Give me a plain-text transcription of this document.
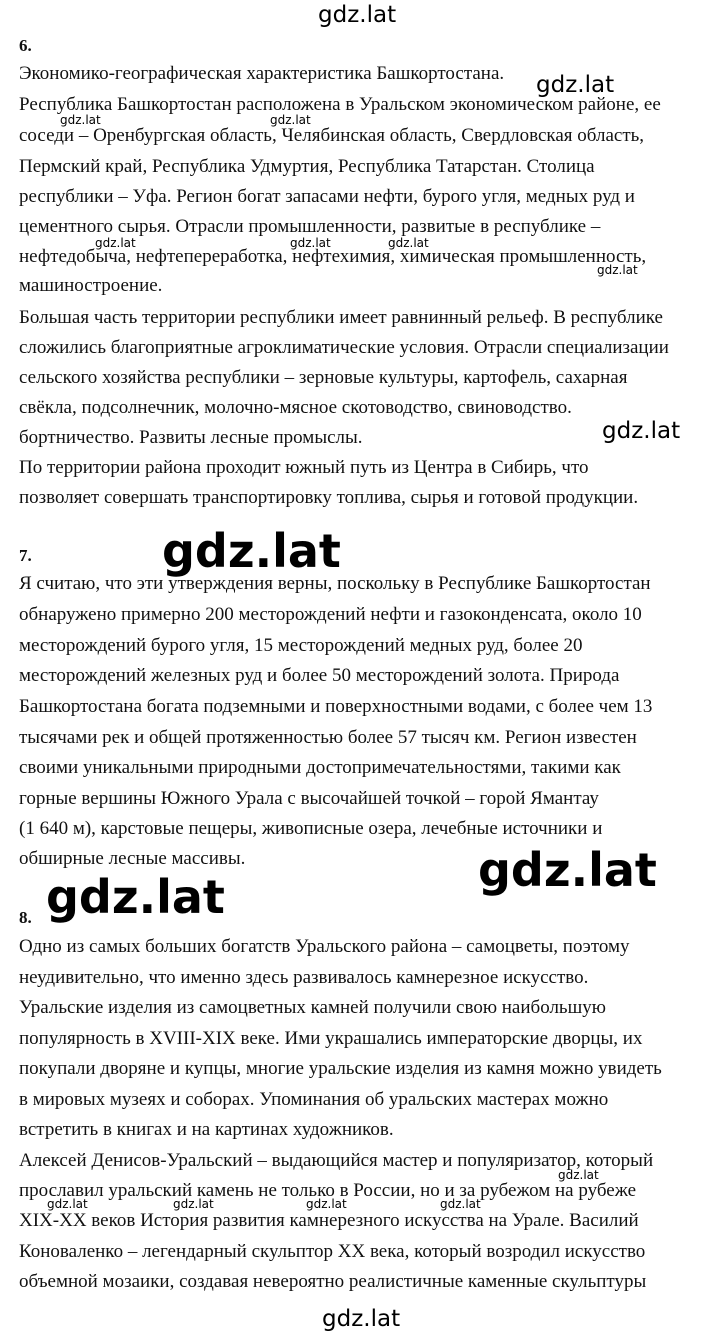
6.
Экономико-географическая характеристика Башкортостана.
Республика Башкортостан расположена в Уральском экономическом районе, ее
соседи – Оренбургская область, Челябинская область, Свердловская область,
Пермский край, Республика Удмуртия, Республика Татарстан. Столица
республики – Уфа. Регион богат запасами нефти, бурого угля, медных руд и
цементного сырья. Отрасли промышленности, развитые в республике –
нефтедобыча, нефтепереработка, нефтехимия, химическая промышленность,
машиностроение.
Большая часть территории республики имеет равнинный рельеф. В республике
сложились благоприятные агроклиматические условия. Отрасли специализации
сельского хозяйства республики – зерновые культуры, картофель, сахарная
свёкла, подсолнечник, молочно-мясное скотоводство, свиноводство.
бортничество. Развиты лесные промыслы.
По территории района проходит южный путь из Центра в Сибирь, что
позволяет совершать транспортировку топлива, сырья и готовой продукции.
7.
Я считаю, что эти утверждения верны, поскольку в Республике Башкортостан
обнаружено примерно 200 месторождений нефти и газоконденсата, около 10
месторождений бурого угля, 15 месторождений медных руд, более 20
месторождений железных руд и более 50 месторождений золота. Природа
Башкортостана богата подземными и поверхностными водами, с более чем 13
тысячами рек и общей протяженностью более 57 тысяч км. Регион известен
своими уникальными природными достопримечательностями, такими как
горные вершины Южного Урала с высочайшей точкой – горой Ямантау
(1 640 м), карстовые пещеры, живописные озера, лечебные источники и
обширные лесные массивы.
8.
Одно из самых больших богатств Уральского района – самоцветы, поэтому
неудивительно, что именно здесь развивалось камнерезное искусство.
Уральские изделия из самоцветных камней получили свою наибольшую
популярность в XVIII-XIX веке. Ими украшались императорские дворцы, их
покупали дворяне и купцы, многие уральские изделия из камня можно увидеть
в мировых музеях и соборах. Упоминания об уральских мастерах можно
встретить в книгах и на картинах художников.
Алексей Денисов-Уральский – выдающийся мастер и популяризатор, который
прославил уральский камень не только в России, но и за рубежом на рубеже
XIX-XX веков История развития камнерезного искусства на Урале. Василий
Коноваленко – легендарный скульптор XX века, который возродил искусство
объемной мозаики, создавая невероятно реалистичные каменные скульптуры
gdz.lat
gdz.lat
gdz.lat	gdz.lat
gdz.lat	gdz.lat	gdz.lat
gdz.lat
gdz.lat
gdz.lat
gdz.lat
gdz.lat
gdz.lat
gdz.lat	gdz.lat	gdz.lat	gdz.lat
gdz.lat
